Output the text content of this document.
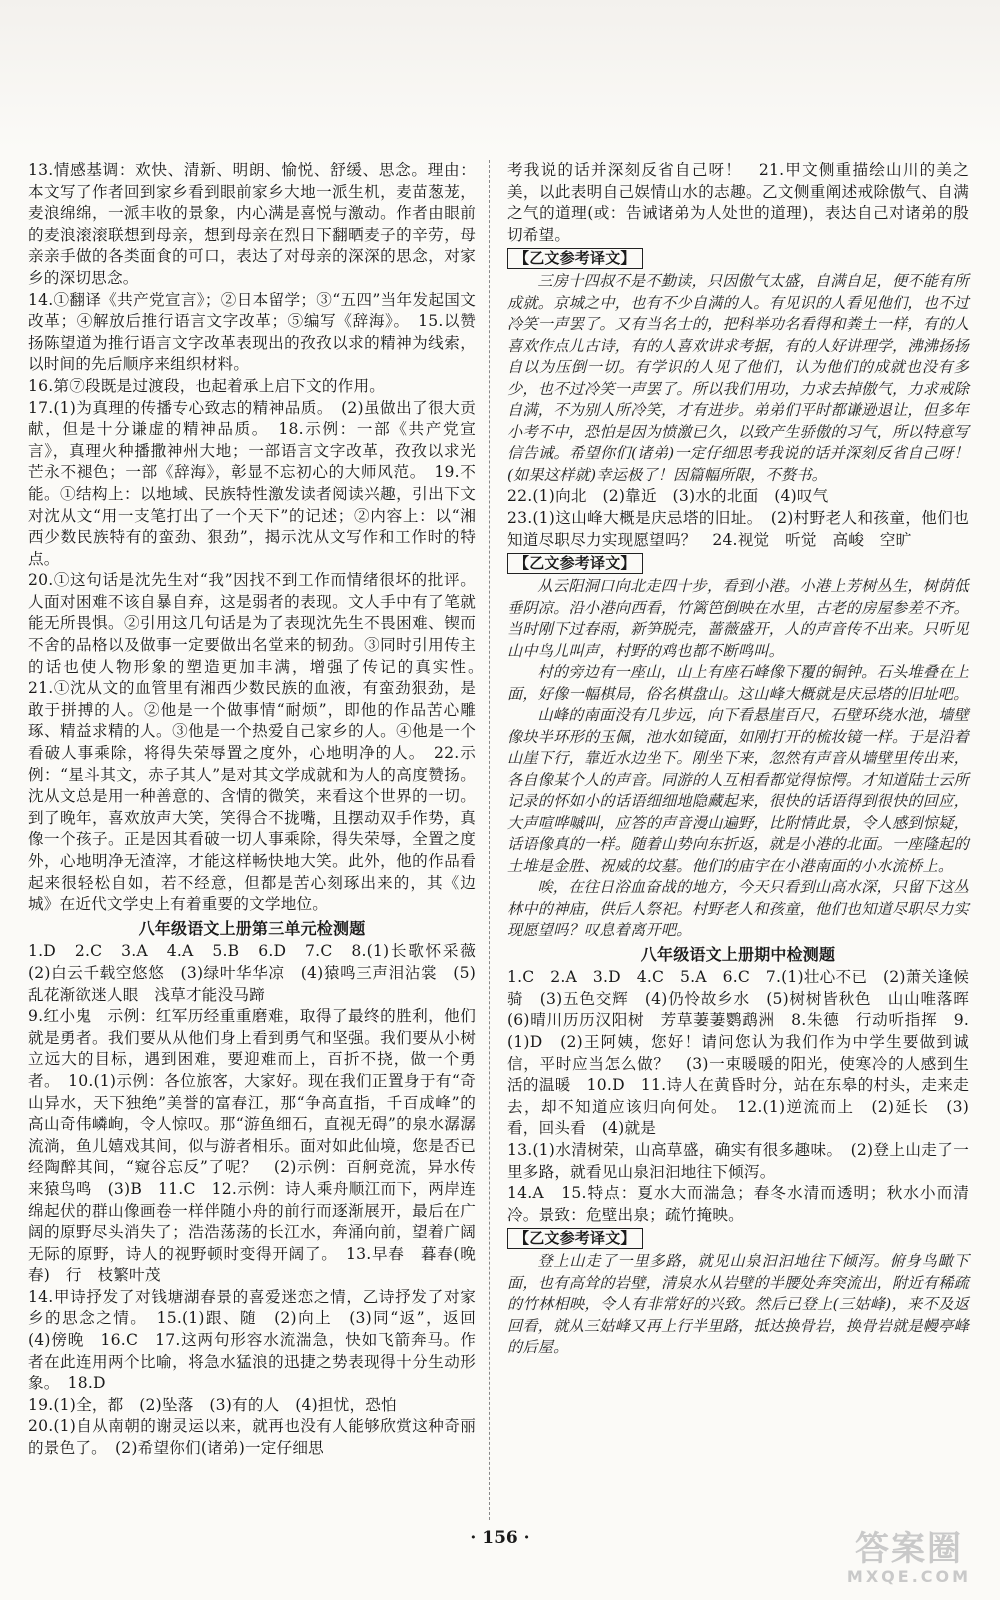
13.情感基调：欢快、清新、明朗、愉悦、舒缓、思念。理由：本文写了作者回到家乡看到眼前家乡大地一派生机，麦苗葱茏，麦浪绵绵，一派丰收的景象，内心满是喜悦与激动。作者由眼前的麦浪滚滚联想到母亲，想到母亲在烈日下翻晒麦子的辛劳，母亲亲手做的各类面食的可口，表达了对母亲的深深的思念，对家乡的深切思念。

14.①翻译《共产党宣言》；②日本留学；③“五四”当年发起国文改革；④解放后推行语言文字改革；⑤编写《辞海》。　15.以赞扬陈望道为推行语言文字改革表现出的孜孜以求的精神为线索，以时间的先后顺序来组织材料。

16.第⑦段既是过渡段，也起着承上启下文的作用。

17.(1)为真理的传播专心致志的精神品质。　(2)虽做出了很大贡献，但是十分谦虚的精神品质。　18.示例：一部《共产党宣言》，真理火种播撒神州大地；一部语言文字改革，孜孜以求光芒永不褪色；一部《辞海》，彰显不忘初心的大师风范。　19.不能。①结构上：以地域、民族特性激发读者阅读兴趣，引出下文对沈从文“用一支笔打出了一个天下”的记述；②内容上：以“湘西少数民族特有的蛮劲、狠劲”，揭示沈从文写作和工作时的特点。

20.①这句话是沈先生对“我”因找不到工作而情绪很坏的批评。人面对困难不该自暴自弃，这是弱者的表现。文人手中有了笔就能无所畏惧。②引用这几句话是为了表现沈先生不畏困难、锲而不舍的品格以及做事一定要做出名堂来的韧劲。③同时引用传主的话也使人物形象的塑造更加丰满，增强了传记的真实性。　21.①沈从文的血管里有湘西少数民族的血液，有蛮劲狠劲，是敢于拼搏的人。②他是一个做事情“耐烦”，即他的作品苦心雕琢、精益求精的人。③他是一个热爱自己家乡的人。④他是一个看破人事乘除，将得失荣辱置之度外，心地明净的人。　22.示例：“星斗其文，赤子其人”是对其文学成就和为人的高度赞扬。沈从文总是用一种善意的、含情的微笑，来看这个世界的一切。到了晚年，喜欢放声大笑，笑得合不拢嘴，且摆动双手作势，真像一个孩子。正是因其看破一切人事乘除，得失荣辱，全置之度外，心地明净无渣滓，才能这样畅快地大笑。此外，他的作品看起来很轻松自如，若不经意，但都是苦心刻琢出来的，其《边城》在近代文学史上有着重要的文学地位。

八年级语文上册第三单元检测题

1.D　2.C　3.A　4.A　5.B　6.D　7.C　8.(1)长歌怀采薇　(2)白云千载空悠悠　(3)绿叶华华凉　(4)猿鸣三声泪沾裳　(5)乱花渐欲迷人眼　浅草才能没马蹄

9.红小鬼　示例：红军历经重重磨难，取得了最终的胜利，他们就是勇者。我们要从从他们身上看到勇气和坚强。我们要从小树立远大的目标，遇到困难，要迎难而上，百折不挠，做一个勇者。　10.(1)示例：各位旅客，大家好。现在我们正置身于有“奇山异水，天下独绝”美誉的富春江，那“争高直指，千百成峰”的高山奇伟嶙峋，令人惊叹。那“游鱼细石，直视无碍”的泉水潺潺流淌，鱼儿嬉戏其间，似与游者相乐。面对如此仙境，您是否已经陶醉其间，“窥谷忘反”了呢？　(2)示例：百舸竞流，异水传来猿鸟鸣　(3)B　11.C　12.示例：诗人乘舟顺江而下，两岸连绵起伏的群山像画卷一样伴随小舟的前行而逐渐展开，最后在广阔的原野尽头消失了；浩浩荡荡的长江水，奔涌向前，望着广阔无际的原野，诗人的视野顿时变得开阔了。　13.早春　暮春(晚春)　行　枝繁叶茂

14.甲诗抒发了对钱塘湖春景的喜爱迷恋之情，乙诗抒发了对家乡的思念之情。　15.(1)跟、随　(2)向上　(3)同“返”，返回　(4)傍晚　16.C　17.这两句形容水流湍急，快如飞箭奔马。作者在此连用两个比喻，将急水猛浪的迅捷之势表现得十分生动形象。　18.D

19.(1)全，都　(2)坠落　(3)有的人　(4)担忧，恐怕

20.(1)自从南朝的谢灵运以来，就再也没有人能够欣赏这种奇丽的景色了。　(2)希望你们(诸弟)一定仔细思

考我说的话并深刻反省自己呀！　21.甲文侧重描绘山川的美之美，以此表明自己娱情山水的志趣。乙文侧重阐述戒除傲气、自满之气的道理(或：告诫诸弟为人处世的道理)，表达自己对诸弟的殷切希望。

【乙文参考译文】

三房十四叔不是不勤读，只因傲气太盛，自满自足，便不能有所成就。京城之中，也有不少自满的人。有见识的人看见他们，也不过冷笑一声罢了。又有当名士的，把科举功名看得和粪土一样，有的人喜欢作点儿古诗，有的人喜欢讲求考据，有的人好讲理学，沸沸扬扬自以为压倒一切。有学识的人见了他们，认为他们的成就也没有多少，也不过冷笑一声罢了。所以我们用功，力求去掉傲气，力求戒除自满，不为别人所冷笑，才有进步。弟弟们平时都谦逊退让，但多年小考不中，恐怕是因为愤激已久，以致产生骄傲的习气，所以特意写信告诫。希望你们(诸弟)一定仔细思考我说的话并深刻反省自己呀！(如果这样就)幸运极了！因篇幅所限，不赘书。

22.(1)向北　(2)靠近　(3)水的北面　(4)叹气

23.(1)这山峰大概是庆忌塔的旧址。　(2)村野老人和孩童，他们也知道尽职尽力实现愿望吗？　24.视觉　听觉　高峻　空旷

【乙文参考译文】

从云阳洞口向北走四十步，看到小港。小港上芳树丛生，树荫低垂阴凉。沿小港向西看，竹篱笆倒映在水里，古老的房屋参差不齐。当时刚下过春雨，新笋脱壳，蔷薇盛开，人的声音传不出来。只听见山中鸟儿叫声，村野的鸡也都不断鸣叫。

村的旁边有一座山，山上有座石峰像下覆的铜钟。石头堆叠在上面，好像一幅棋局，俗名棋盘山。这山峰大概就是庆忌塔的旧址吧。

山峰的南面没有几步远，向下看悬崖百尺，石壁环绕水池，墙壁像块半环形的玉佩，池水如镜面，如刚打开的梳妆镜一样。于是沿着山崖下行，靠近水边坐下。刚坐下来，忽然有声音从墙壁里传出来，各自像某个人的声音。同游的人互相看都觉得惊愕。才知道陆士云所记录的怀如小的话语细细地隐藏起来，很快的话语得到很快的回应，大声喧哗嘁叫，应答的声音漫山遍野，比附情此景，令人感到惊疑，话语像真的一样。随着山势向东折返，就是小港的北面。一座隆起的土堆是金胜、祝威的坟墓。他们的庙宇在小港南面的小水流桥上。

唉，在往日浴血奋战的地方，今天只看到山高水深，只留下这丛林中的神庙，供后人祭祀。村野老人和孩童，他们也知道尽职尽力实现愿望吗？叹息着离开吧。

八年级语文上册期中检测题

1.C　2.A　3.D　4.C　5.A　6.C　7.(1)壮心不已　(2)萧关逢候骑　(3)五色交辉　(4)仍怜故乡水　(5)树树皆秋色　山山唯落晖　(6)晴川历历汉阳树　芳草萋萋鹦鹉洲　8.朱德　行动听指挥　9.(1)D　(2)王阿姨，您好！请问您认为我们作为中学生要做到诚信，平时应当怎么做？　(3)一束暖暖的阳光，使寒冷的人感到生活的温暖　10.D　11.诗人在黄昏时分，站在东皋的村头，走来走去，却不知道应该归向何处。　12.(1)逆流而上　(2)延长　(3)看，回头看　(4)就是

13.(1)水清树荣，山高草盛，确实有很多趣味。　(2)登上山走了一里多路，就看见山泉汩汩地往下倾泻。

14.A　15.特点：夏水大而湍急；春冬水清而透明；秋水小而清冷。景致：危壁出泉；疏竹掩映。

【乙文参考译文】

登上山走了一里多路，就见山泉汩汩地往下倾泻。俯身鸟瞰下面，也有高耸的岩壁，清泉水从岩壁的半腰处奔突流出，附近有稀疏的竹林相映，令人有非常好的兴致。然后已登上(三姑峰)，来不及返回看，就从三姑峰又再上行半里路，抵达换骨岩，换骨岩就是幔亭峰的后屋。

· 156 ·	答案圈
MXQE.COM
